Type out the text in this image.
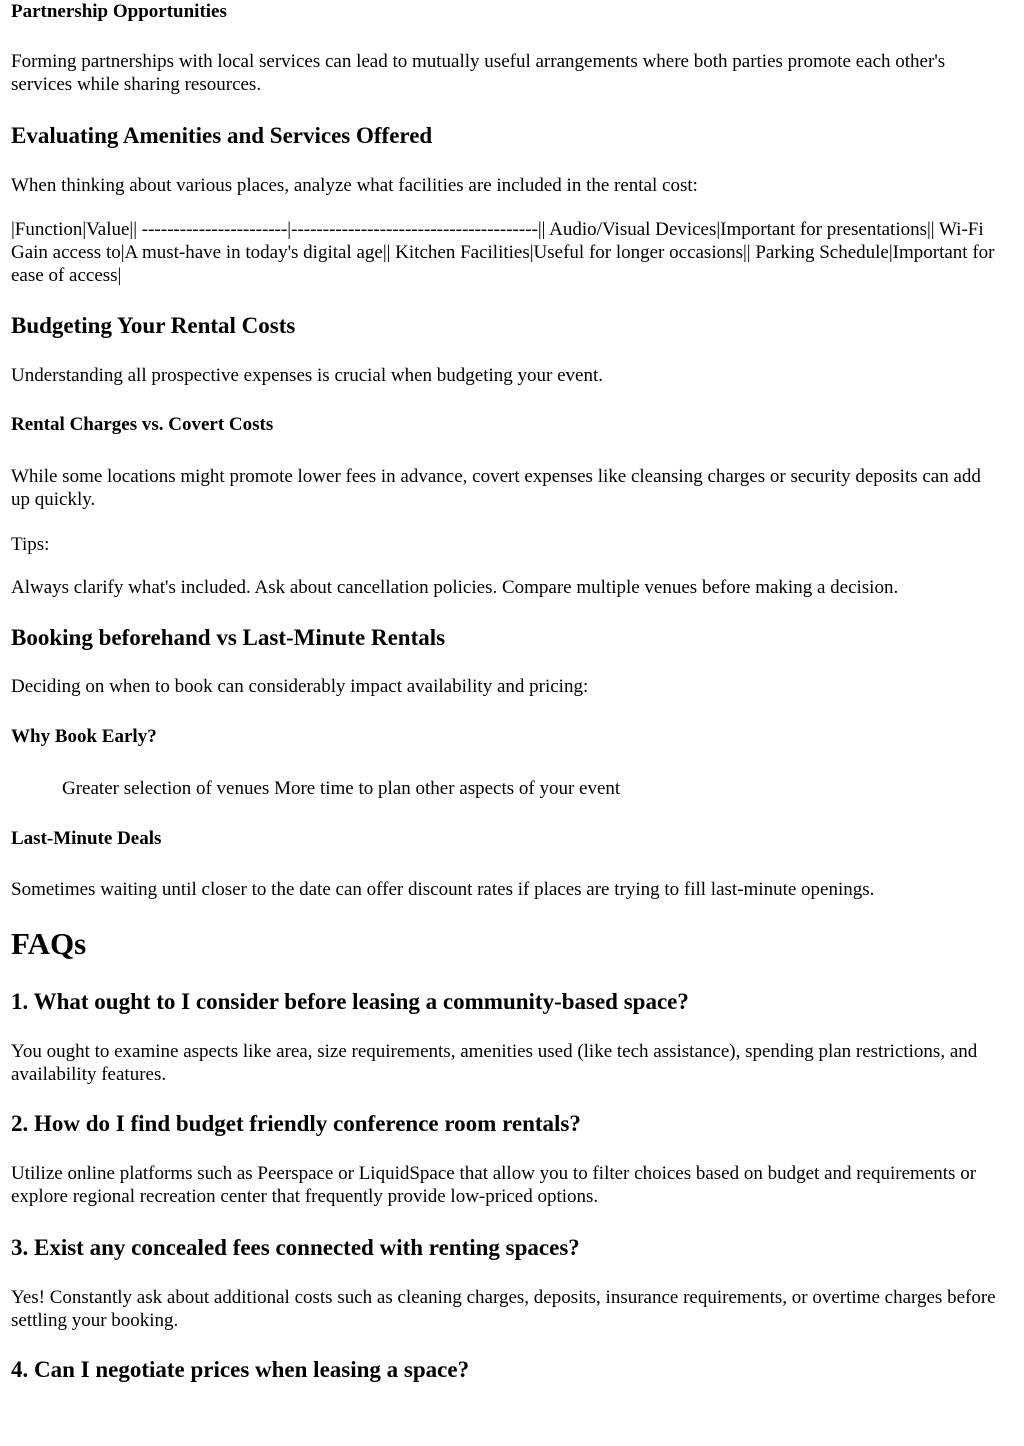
Partnership Opportunities

Forming partnerships with local services can lead to mutually useful arrangements where both parties promote each other's services while sharing resources.

Evaluating Amenities and Services Offered

When thinking about various places, analyze what facilities are included in the rental cost:

|Function|Value|| -----------------------|---------------------------------------|| Audio/Visual Devices|Important for presentations|| Wi-Fi Gain access to|A must-have in today's digital age|| Kitchen Facilities|Useful for longer occasions|| Parking Schedule|Important for ease of access|

Budgeting Your Rental Costs

Understanding all prospective expenses is crucial when budgeting your event.

Rental Charges vs. Covert Costs

While some locations might promote lower fees in advance, covert expenses like cleansing charges or security deposits can add up quickly.

Tips:

Always clarify what's included. Ask about cancellation policies. Compare multiple venues before making a decision.

Booking beforehand vs Last-Minute Rentals

Deciding on when to book can considerably impact availability and pricing:

Why Book Early?

Greater selection of venues More time to plan other aspects of your event

Last-Minute Deals

Sometimes waiting until closer to the date can offer discount rates if places are trying to fill last-minute openings.

FAQs
1. What ought to I consider before leasing a community-based space?

You ought to examine aspects like area, size requirements, amenities used (like tech assistance), spending plan restrictions, and availability features.

2. How do I find budget friendly conference room rentals?

Utilize online platforms such as Peerspace or LiquidSpace that allow you to filter choices based on budget and requirements or explore regional recreation center that frequently provide low-priced options.

3. Exist any concealed fees connected with renting spaces?

Yes! Constantly ask about additional costs such as cleaning charges, deposits, insurance requirements, or overtime charges before settling your booking.

4. Can I negotiate prices when leasing a space?
